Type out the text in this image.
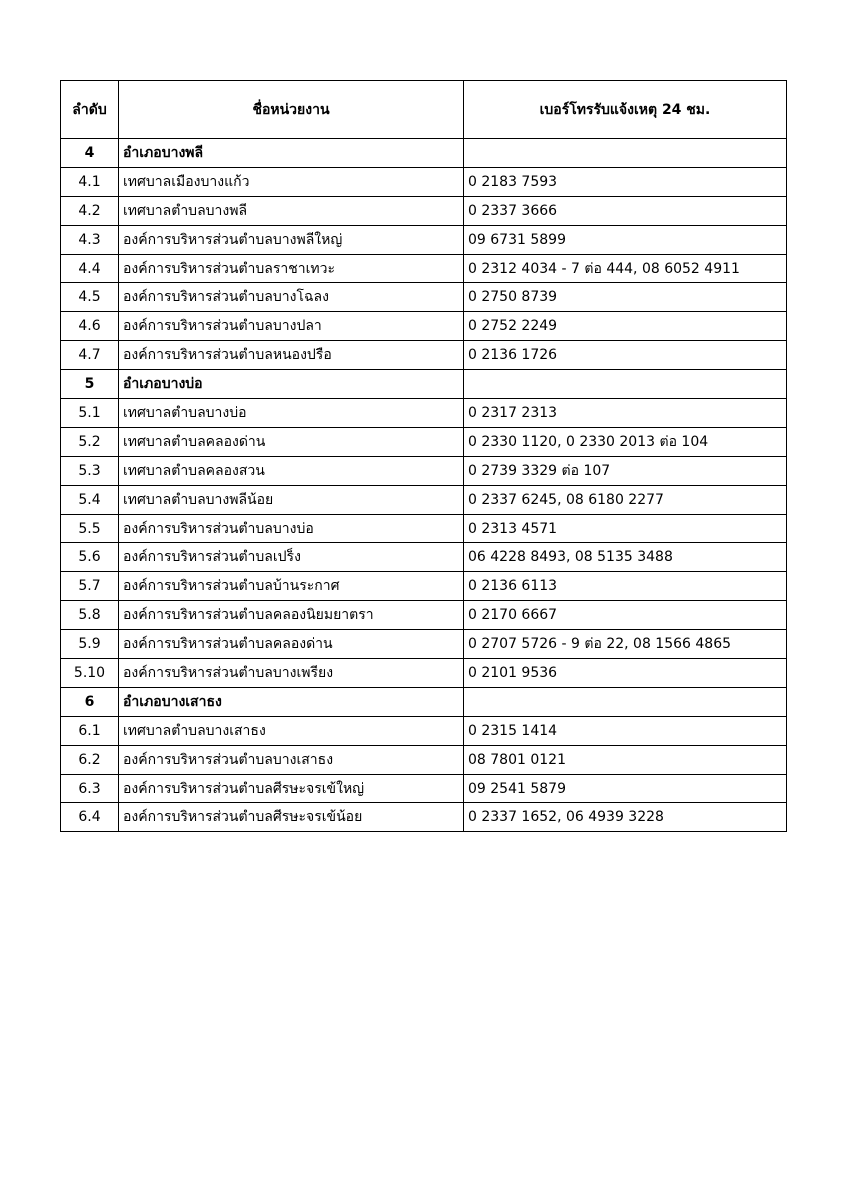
ลำดับ	ชื่อหน่วยงาน	เบอร์โทรรับแจ้งเหตุ 24 ชม.
4	อำเภอบางพลี	
4.1	เทศบาลเมืองบางแก้ว	0 2183 7593
4.2	เทศบาลตำบลบางพลี	0 2337 3666
4.3	องค์การบริหารส่วนตำบลบางพลีใหญ่	09 6731 5899
4.4	องค์การบริหารส่วนตำบลราชาเทวะ	0 2312 4034 - 7 ต่อ 444, 08 6052 4911
4.5	องค์การบริหารส่วนตำบลบางโฉลง	0 2750 8739
4.6	องค์การบริหารส่วนตำบลบางปลา	0 2752 2249
4.7	องค์การบริหารส่วนตำบลหนองปรือ	0 2136 1726
5	อำเภอบางบ่อ	
5.1	เทศบาลตำบลบางบ่อ	0 2317 2313
5.2	เทศบาลตำบลคลองด่าน	0 2330 1120, 0 2330 2013 ต่อ 104
5.3	เทศบาลตำบลคลองสวน	0 2739 3329 ต่อ 107
5.4	เทศบาลตำบลบางพลีน้อย	0 2337 6245, 08 6180 2277
5.5	องค์การบริหารส่วนตำบลบางบ่อ	0 2313 4571
5.6	องค์การบริหารส่วนตำบลเปร็ง	06 4228 8493, 08 5135 3488
5.7	องค์การบริหารส่วนตำบลบ้านระกาศ	0 2136 6113
5.8	องค์การบริหารส่วนตำบลคลองนิยมยาตรา	0 2170 6667
5.9	องค์การบริหารส่วนตำบลคลองด่าน	0 2707 5726 - 9 ต่อ 22, 08 1566 4865
5.10	องค์การบริหารส่วนตำบลบางเพรียง	0 2101 9536
6	อำเภอบางเสาธง	
6.1	เทศบาลตำบลบางเสาธง	0 2315 1414
6.2	องค์การบริหารส่วนตำบลบางเสาธง	08 7801 0121
6.3	องค์การบริหารส่วนตำบลศีรษะจรเข้ใหญ่	09 2541 5879
6.4	องค์การบริหารส่วนตำบลศีรษะจรเข้น้อย	0 2337 1652, 06 4939 3228
